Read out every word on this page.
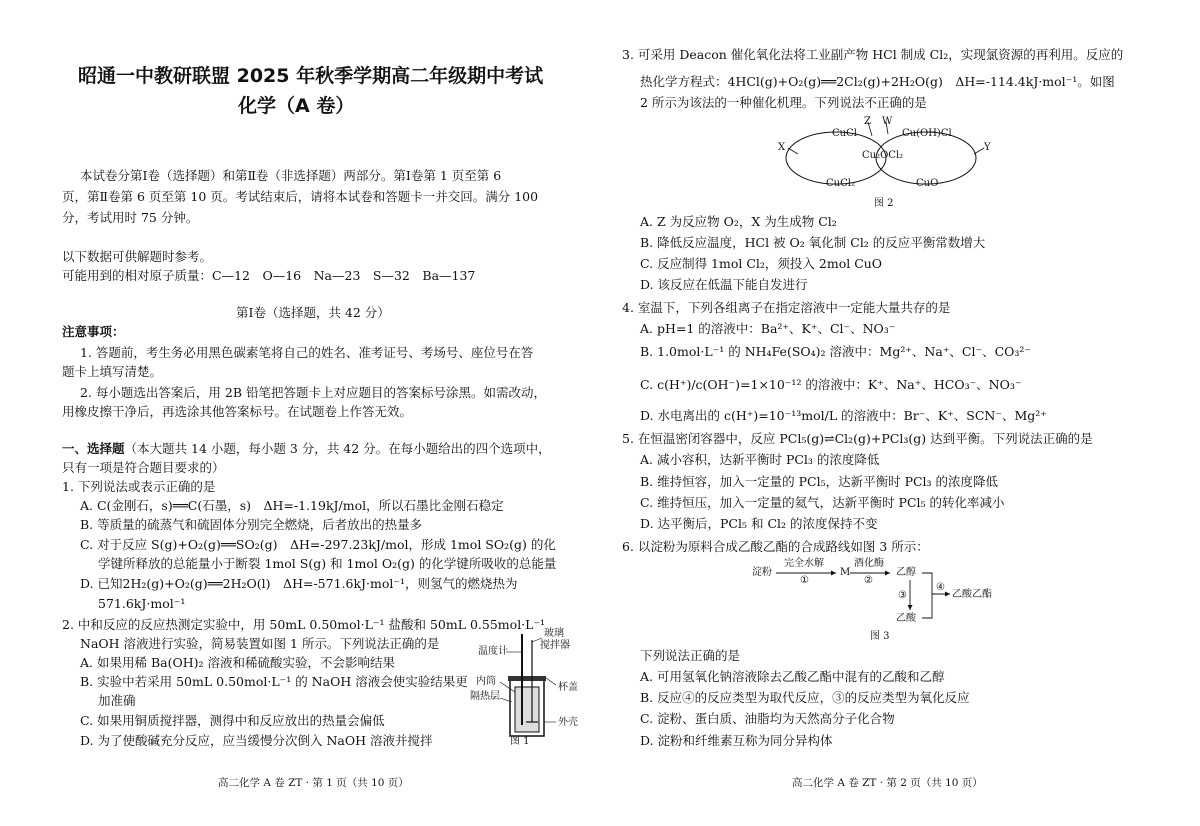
昭通一中教研联盟 2025 年秋季学期高二年级期中考试
化学（A 卷）
本试卷分第Ⅰ卷（选择题）和第Ⅱ卷（非选择题）两部分。第Ⅰ卷第 1 页至第 6
页，第Ⅱ卷第 6 页至第 10 页。考试结束后，请将本试卷和答题卡一并交回。满分 100
分，考试用时 75 分钟。
以下数据可供解题时参考。
可能用到的相对原子质量：C—12　O—16　Na—23　S—32　Ba—137
第Ⅰ卷（选择题，共 42 分）
注意事项：
1. 答题前，考生务必用黑色碳素笔将自己的姓名、准考证号、考场号、座位号在答
题卡上填写清楚。
2. 每小题选出答案后，用 2B 铅笔把答题卡上对应题目的答案标号涂黑。如需改动，
用橡皮擦干净后，再选涂其他答案标号。在试题卷上作答无效。
一、选择题（本大题共 14 小题，每小题 3 分，共 42 分。在每小题给出的四个选项中，
只有一项是符合题目要求的）
1. 下列说法或表示正确的是
A. C(金刚石，s)══C(石墨，s)　ΔH=-1.19kJ/mol，所以石墨比金刚石稳定
B. 等质量的硫蒸气和硫固体分别完全燃烧，后者放出的热量多
C. 对于反应 S(g)+O₂(g)══SO₂(g)　ΔH=-297.23kJ/mol，形成 1mol SO₂(g) 的化
学键所释放的总能量小于断裂 1mol S(g) 和 1mol O₂(g) 的化学键所吸收的总能量
D. 已知2H₂(g)+O₂(g)══2H₂O(l)　ΔH=-571.6kJ·mol⁻¹，则氢气的燃烧热为
571.6kJ·mol⁻¹
2. 中和反应的反应热测定实验中，用 50mL 0.50mol·L⁻¹ 盐酸和 50mL 0.55mol·L⁻¹
NaOH 溶液进行实验，简易装置如图 1 所示。下列说法正确的是
A. 如果用稀 Ba(OH)₂ 溶液和稀硫酸实验，不会影响结果
B. 实验中若采用 50mL 0.50mol·L⁻¹ 的 NaOH 溶液会使实验结果更
加准确
C. 如果用铜质搅拌器，测得中和反应放出的热量会偏低
D. 为了使酸碱充分反应，应当缓慢分次倒入 NaOH 溶液并搅拌
温度计
玻璃
搅拌器
内筒
隔热层
杯盖
外壳
图 1
高二化学 A 卷 ZT · 第 1 页（共 10 页）
3. 可采用 Deacon 催化氧化法将工业副产物 HCl 制成 Cl₂，实现氯资源的再利用。反应的
热化学方程式：4HCl(g)+O₂(g)══2Cl₂(g)+2H₂O(g)　ΔH=-114.4kJ·mol⁻¹。如图
2 所示为该法的一种催化机理。下列说法不正确的是
X	Y
Z W
CuCl	Cu(OH)Cl
Cu₂OCl₂
CuCl₂	CuO
图 2
A. Z 为反应物 O₂，X 为生成物 Cl₂
B. 降低反应温度，HCl 被 O₂ 氧化制 Cl₂ 的反应平衡常数增大
C. 反应制得 1mol Cl₂，须投入 2mol CuO
D. 该反应在低温下能自发进行
4. 室温下，下列各组离子在指定溶液中一定能大量共存的是
A. pH=1 的溶液中：Ba²⁺、K⁺、Cl⁻、NO₃⁻
B. 1.0mol·L⁻¹ 的 NH₄Fe(SO₄)₂ 溶液中：Mg²⁺、Na⁺、Cl⁻、CO₃²⁻
C. c(H⁺)/c(OH⁻)=1×10⁻¹² 的溶液中：K⁺、Na⁺、HCO₃⁻、NO₃⁻
D. 水电离出的 c(H⁺)=10⁻¹³mol/L 的溶液中：Br⁻、K⁺、SCN⁻、Mg²⁺
5. 在恒温密闭容器中，反应 PCl₅(g)⇌Cl₂(g)+PCl₃(g) 达到平衡。下列说法正确的是
A. 减小容积，达新平衡时 PCl₃ 的浓度降低
B. 维持恒容，加入一定量的 PCl₅，达新平衡时 PCl₃ 的浓度降低
C. 维持恒压，加入一定量的氦气，达新平衡时 PCl₅ 的转化率减小
D. 达平衡后，PCl₅ 和 Cl₂ 的浓度保持不变
6. 以淀粉为原料合成乙酸乙酯的合成路线如图 3 所示：
淀粉
完全水解
①
M
酒化酶
②
乙醇
③
④
乙酸乙酯
乙酸
图 3
下列说法正确的是
A. 可用氢氧化钠溶液除去乙酸乙酯中混有的乙酸和乙醇
B. 反应④的反应类型为取代反应，③的反应类型为氧化反应
C. 淀粉、蛋白质、油脂均为天然高分子化合物
D. 淀粉和纤维素互称为同分异构体
高二化学 A 卷 ZT · 第 2 页（共 10 页）
